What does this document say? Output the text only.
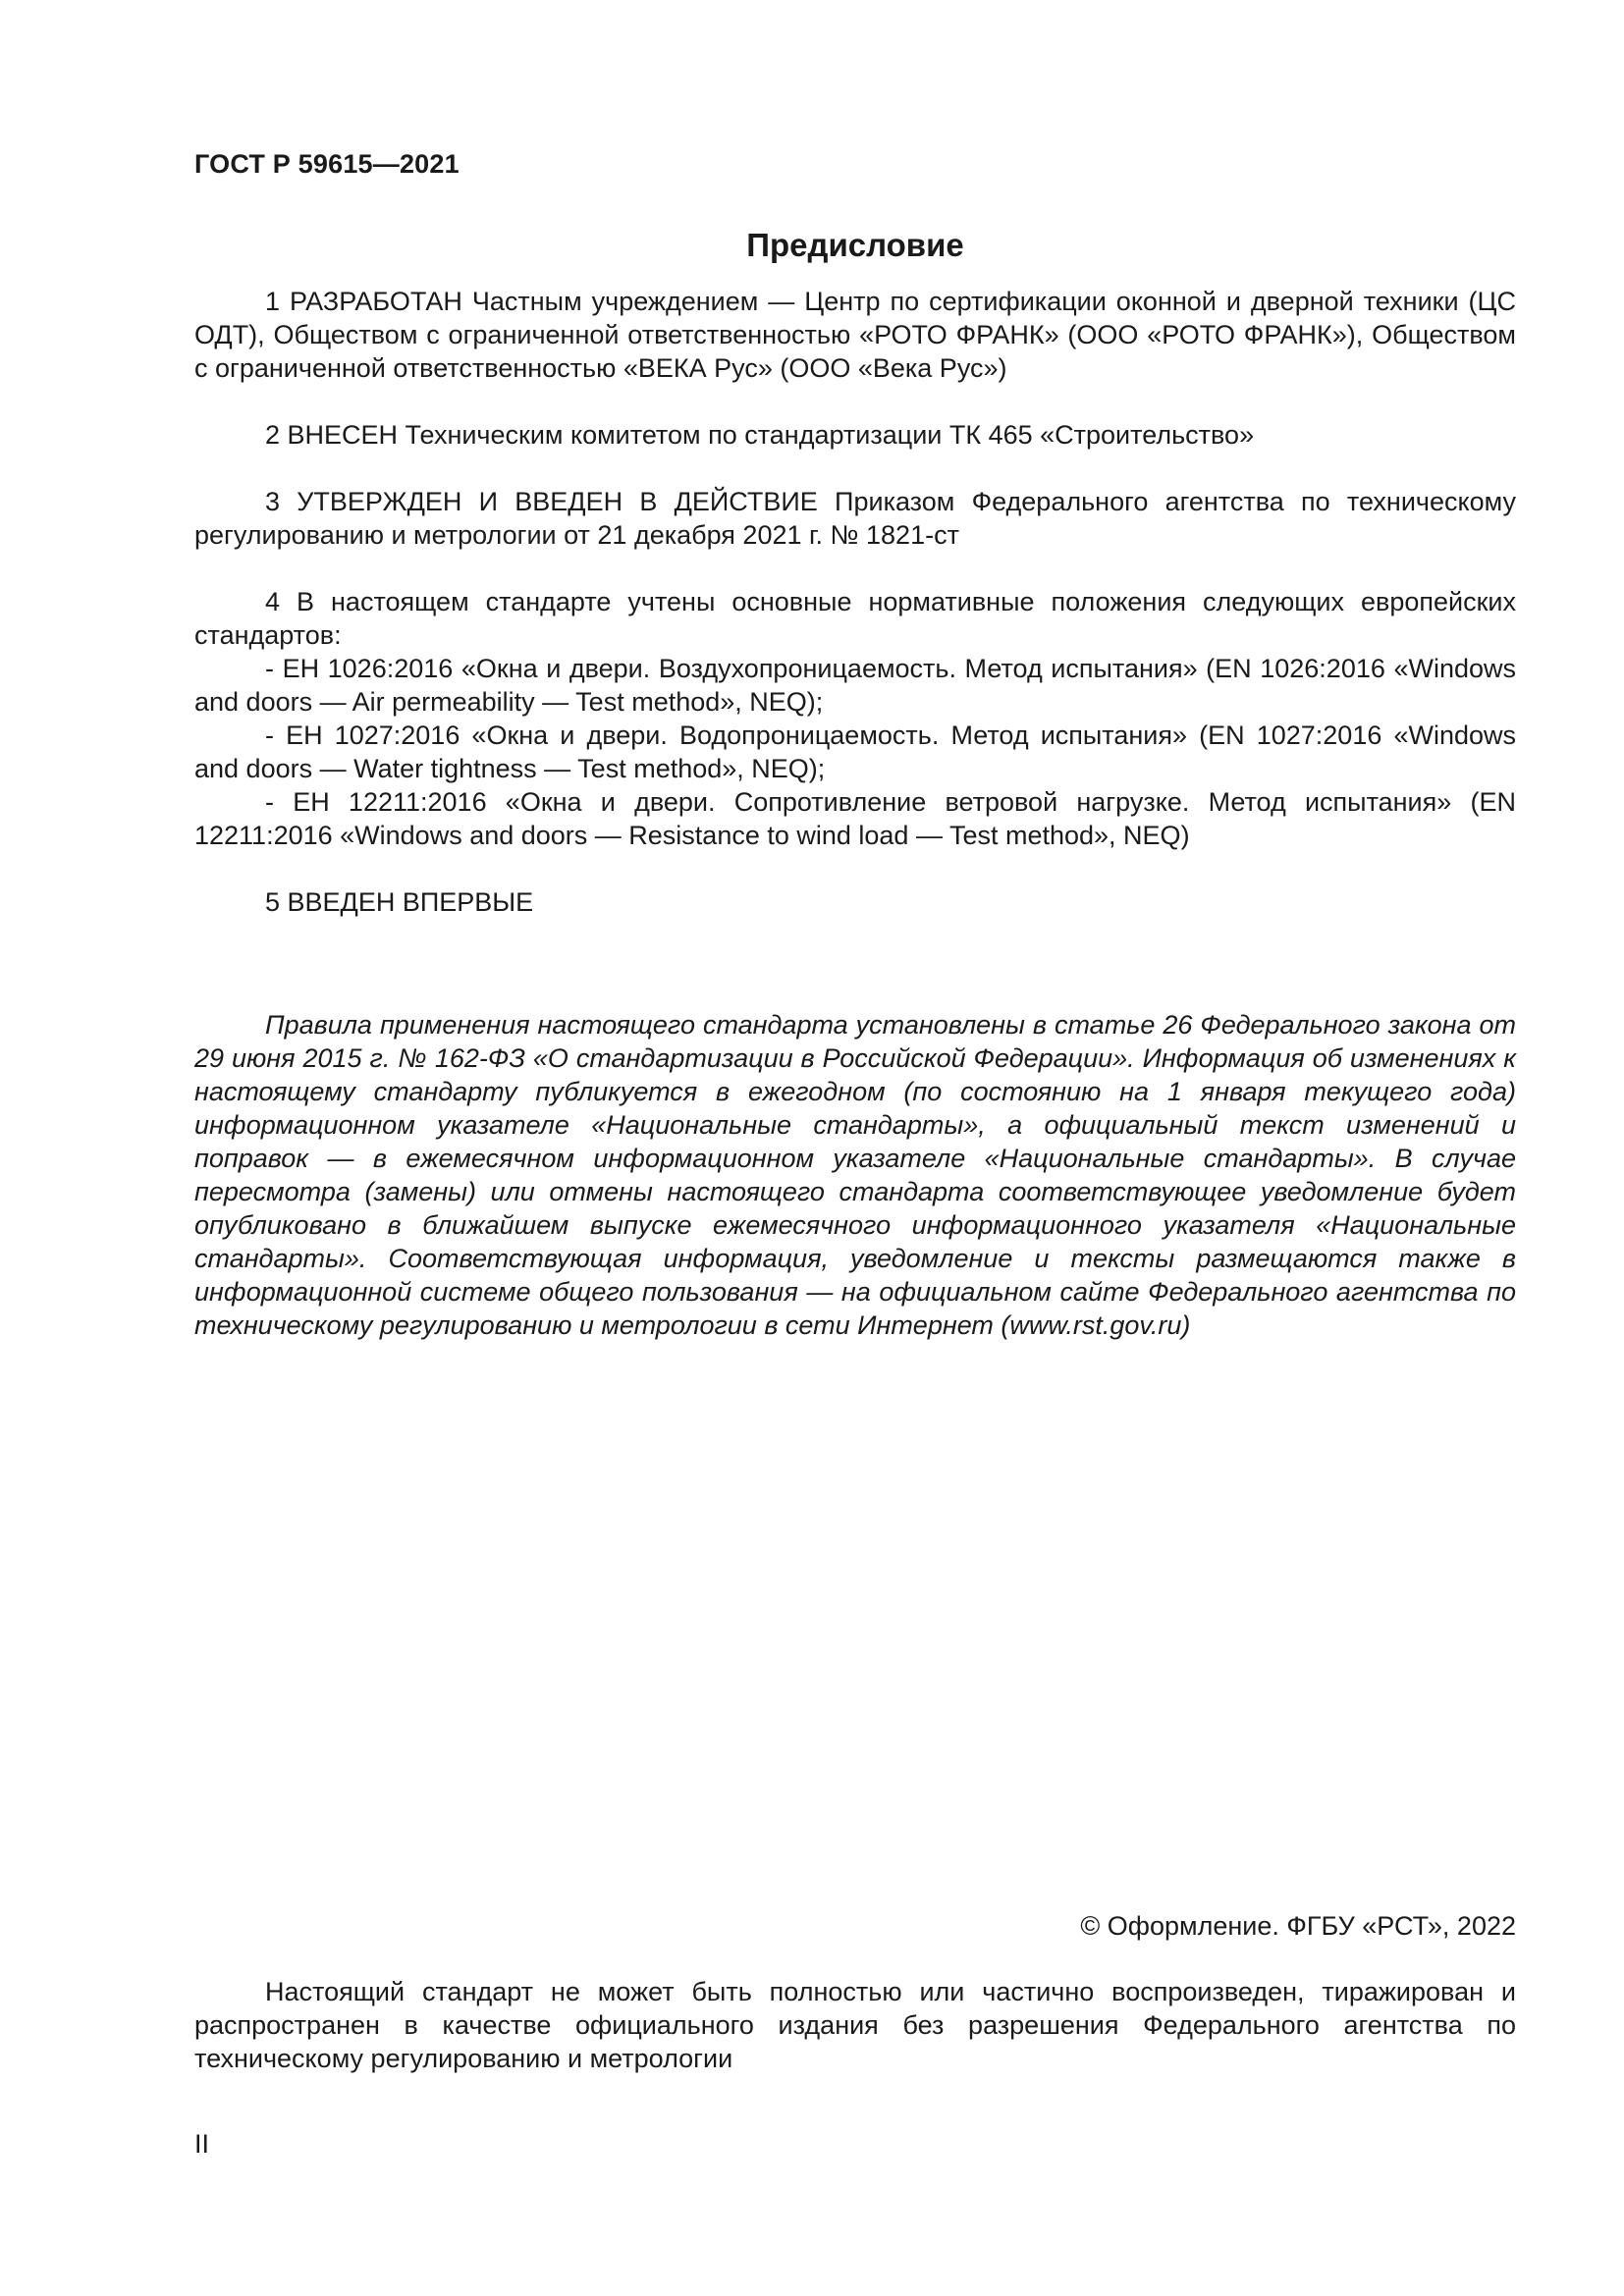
ГОСТ Р 59615—2021
Предисловие

1 РАЗРАБОТАН Частным учреждением — Центр по сертификации оконной и дверной техники (ЦС ОДТ), Обществом с ограниченной ответственностью «РОТО ФРАНК» (ООО «РОТО ФРАНК»), Обществом с ограниченной ответственностью «ВЕКА Рус» (ООО «Века Рус»)

2 ВНЕСЕН Техническим комитетом по стандартизации ТК 465 «Строительство»

3 УТВЕРЖДЕН И ВВЕДЕН В ДЕЙСТВИЕ Приказом Федерального агентства по техническому регулированию и метрологии от 21 декабря 2021 г. № 1821-ст

4 В настоящем стандарте учтены основные нормативные положения следующих европейских стандартов:

- ЕН 1026:2016 «Окна и двери. Воздухопроницаемость. Метод испытания» (EN 1026:2016 «Windows and doors — Air permeability — Test method», NEQ);

- ЕН 1027:2016 «Окна и двери. Водопроницаемость. Метод испытания» (EN 1027:2016 «Windows and doors — Water tightness — Test method», NEQ);

- ЕН 12211:2016 «Окна и двери. Сопротивление ветровой нагрузке. Метод испытания» (EN 12211:2016 «Windows and doors — Resistance to wind load — Test method», NEQ)

5 ВВЕДЕН ВПЕРВЫЕ

Правила применения настоящего стандарта установлены в статье 26 Федерального закона от 29 июня 2015 г. № 162-ФЗ «О стандартизации в Российской Федерации». Информация об изменениях к настоящему стандарту публикуется в ежегодном (по состоянию на 1 января текущего года) информационном указателе «Национальные стандарты», а официальный текст изменений и поправок — в ежемесячном информационном указателе «Национальные стандарты». В случае пересмотра (замены) или отмены настоящего стандарта соответствующее уведомление будет опубликовано в ближайшем выпуске ежемесячного информационного указателя «Национальные стандарты». Соответствующая информация, уведомление и тексты размещаются также в информационной системе общего пользования — на официальном сайте Федерального агентства по техническому регулированию и метрологии в сети Интернет (www.rst.gov.ru)

© Оформление. ФГБУ «РСТ», 2022

Настоящий стандарт не может быть полностью или частично воспроизведен, тиражирован и распространен в качестве официального издания без разрешения Федерального агентства по техническому регулированию и метрологии

II
